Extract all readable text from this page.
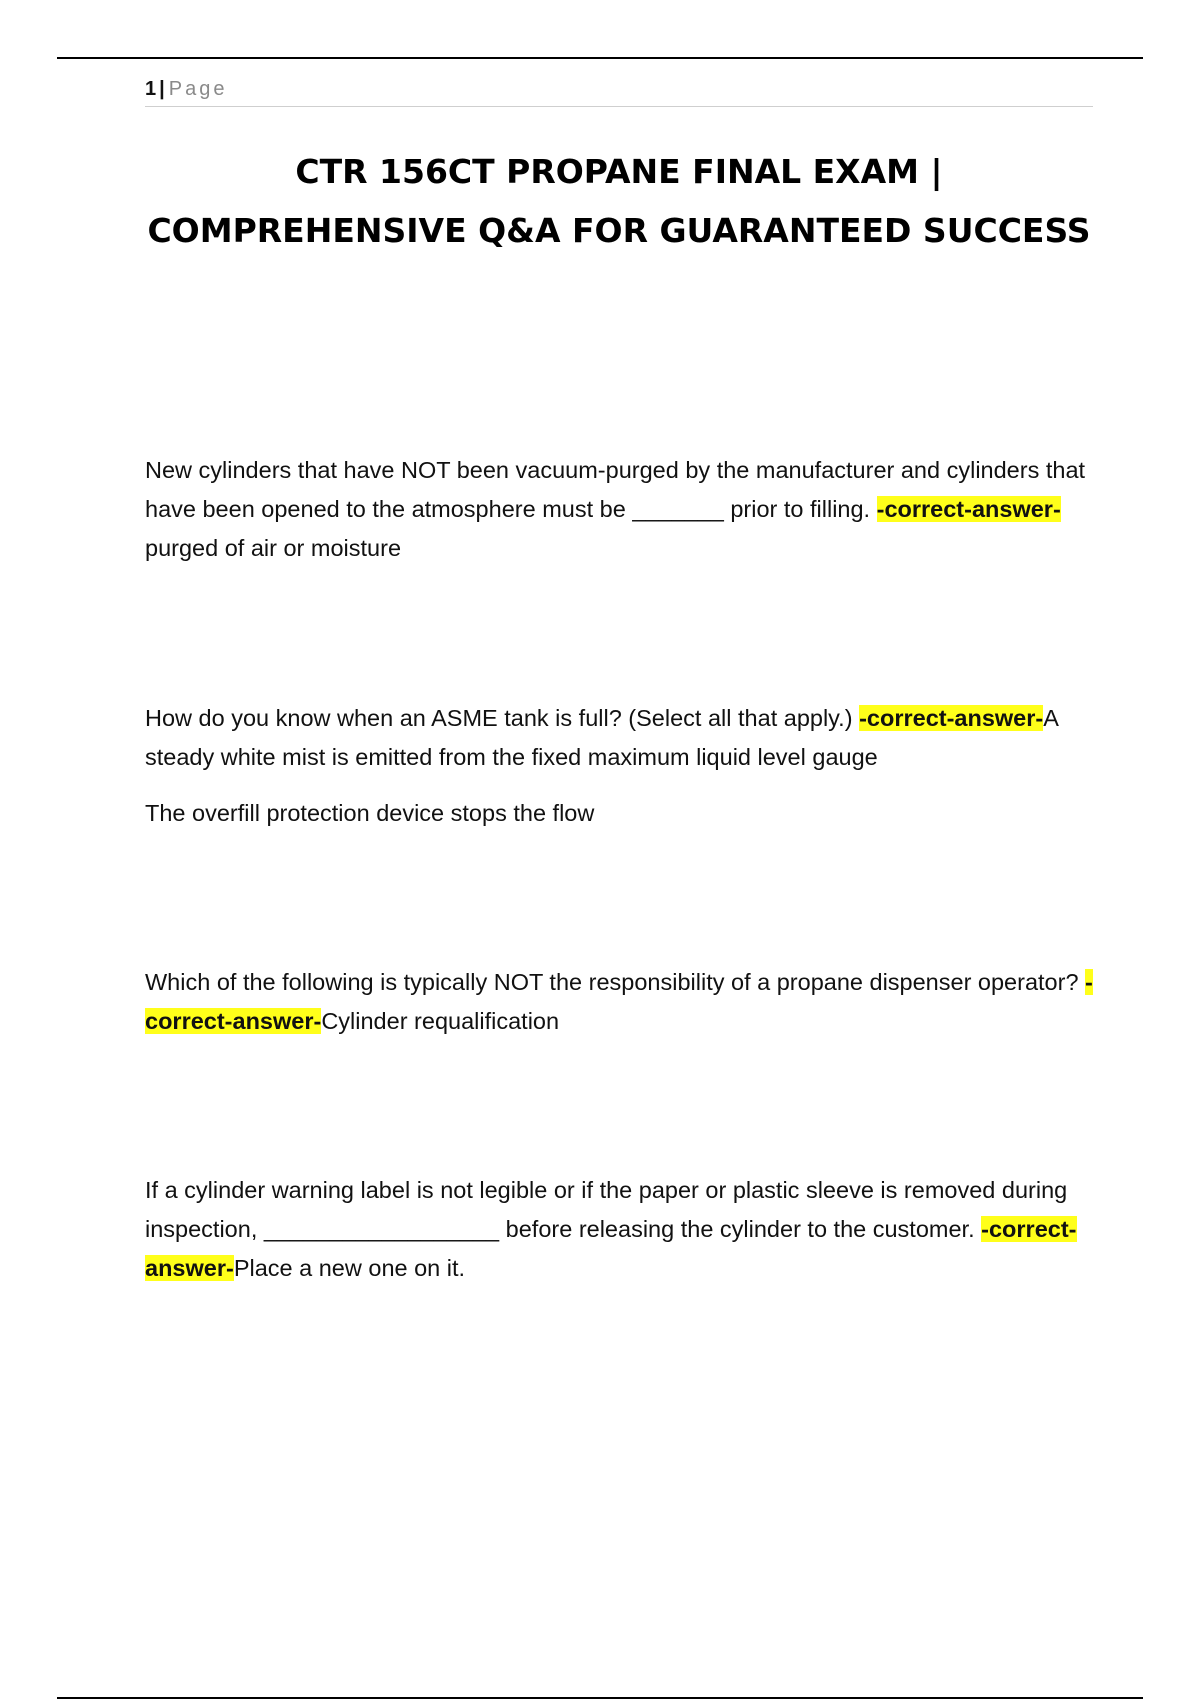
1 | Page
CTR 156CT PROPANE FINAL EXAM | COMPREHENSIVE Q&A FOR GUARANTEED SUCCESS

New cylinders that have NOT been vacuum-purged by the manufacturer and cylinders that have been opened to the atmosphere must be _______ prior to filling. -correct-answer-purged of air or moisture

How do you know when an ASME tank is full? (Select all that apply.) -correct-answer-A steady white mist is emitted from the fixed maximum liquid level gauge

The overfill protection device stops the flow

Which of the following is typically NOT the responsibility of a propane dispenser operator? -correct-answer-Cylinder requalification

If a cylinder warning label is not legible or if the paper or plastic sleeve is removed during inspection, __________________ before releasing the cylinder to the customer. -correct-answer-Place a new one on it.
